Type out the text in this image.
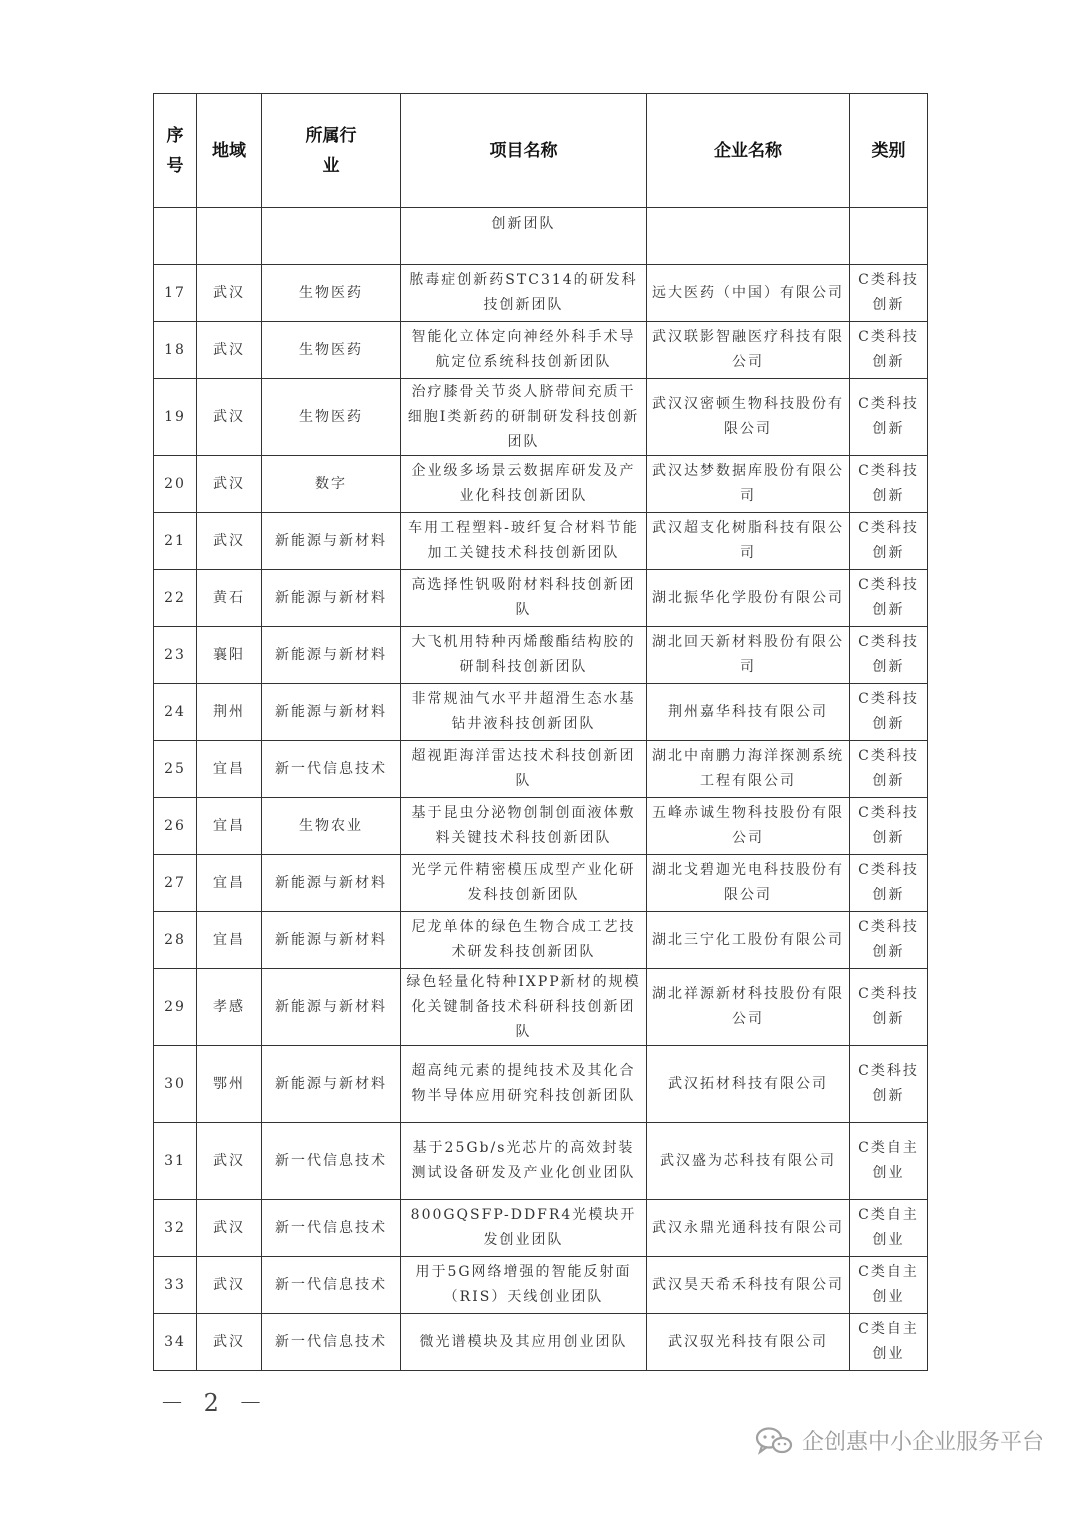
序号	地域	所属行业	项目名称	企业名称	类别
			创新团队		
17	武汉	生物医药	脓毒症创新药STC314的研发科技创新团队	远大医药（中国）有限公司	C类科技创新
18	武汉	生物医药	智能化立体定向神经外科手术导航定位系统科技创新团队	武汉联影智融医疗科技有限公司	C类科技创新
19	武汉	生物医药	治疗膝骨关节炎人脐带间充质干细胞Ⅰ类新药的研制研发科技创新团队	武汉汉密顿生物科技股份有限公司	C类科技创新
20	武汉	数字	企业级多场景云数据库研发及产业化科技创新团队	武汉达梦数据库股份有限公司	C类科技创新
21	武汉	新能源与新材料	车用工程塑料-玻纤复合材料节能加工关键技术科技创新团队	武汉超支化树脂科技有限公司	C类科技创新
22	黄石	新能源与新材料	高选择性钒吸附材料科技创新团队	湖北振华化学股份有限公司	C类科技创新
23	襄阳	新能源与新材料	大飞机用特种丙烯酸酯结构胶的研制科技创新团队	湖北回天新材料股份有限公司	C类科技创新
24	荆州	新能源与新材料	非常规油气水平井超滑生态水基钻井液科技创新团队	荆州嘉华科技有限公司	C类科技创新
25	宜昌	新一代信息技术	超视距海洋雷达技术科技创新团队	湖北中南鹏力海洋探测系统工程有限公司	C类科技创新
26	宜昌	生物农业	基于昆虫分泌物创制创面液体敷料关键技术科技创新团队	五峰赤诚生物科技股份有限公司	C类科技创新
27	宜昌	新能源与新材料	光学元件精密模压成型产业化研发科技创新团队	湖北戈碧迦光电科技股份有限公司	C类科技创新
28	宜昌	新能源与新材料	尼龙单体的绿色生物合成工艺技术研发科技创新团队	湖北三宁化工股份有限公司	C类科技创新
29	孝感	新能源与新材料	绿色轻量化特种IXPP新材的规模化关键制备技术科研科技创新团队	湖北祥源新材科技股份有限公司	C类科技创新
30	鄂州	新能源与新材料	超高纯元素的提纯技术及其化合物半导体应用研究科技创新团队	武汉拓材科技有限公司	C类科技创新
31	武汉	新一代信息技术	基于25Gb/s光芯片的高效封装测试设备研发及产业化创业团队	武汉盛为芯科技有限公司	C类自主创业
32	武汉	新一代信息技术	800GQSFP-DDFR4光模块开发创业团队	武汉永鼎光通科技有限公司	C类自主创业
33	武汉	新一代信息技术	用于5G网络增强的智能反射面（RIS）天线创业团队	武汉昊天希禾科技有限公司	C类自主创业
34	武汉	新一代信息技术	微光谱模块及其应用创业团队	武汉驭光科技有限公司	C类自主创业
－ 2 －
企创惠中小企业服务平台
